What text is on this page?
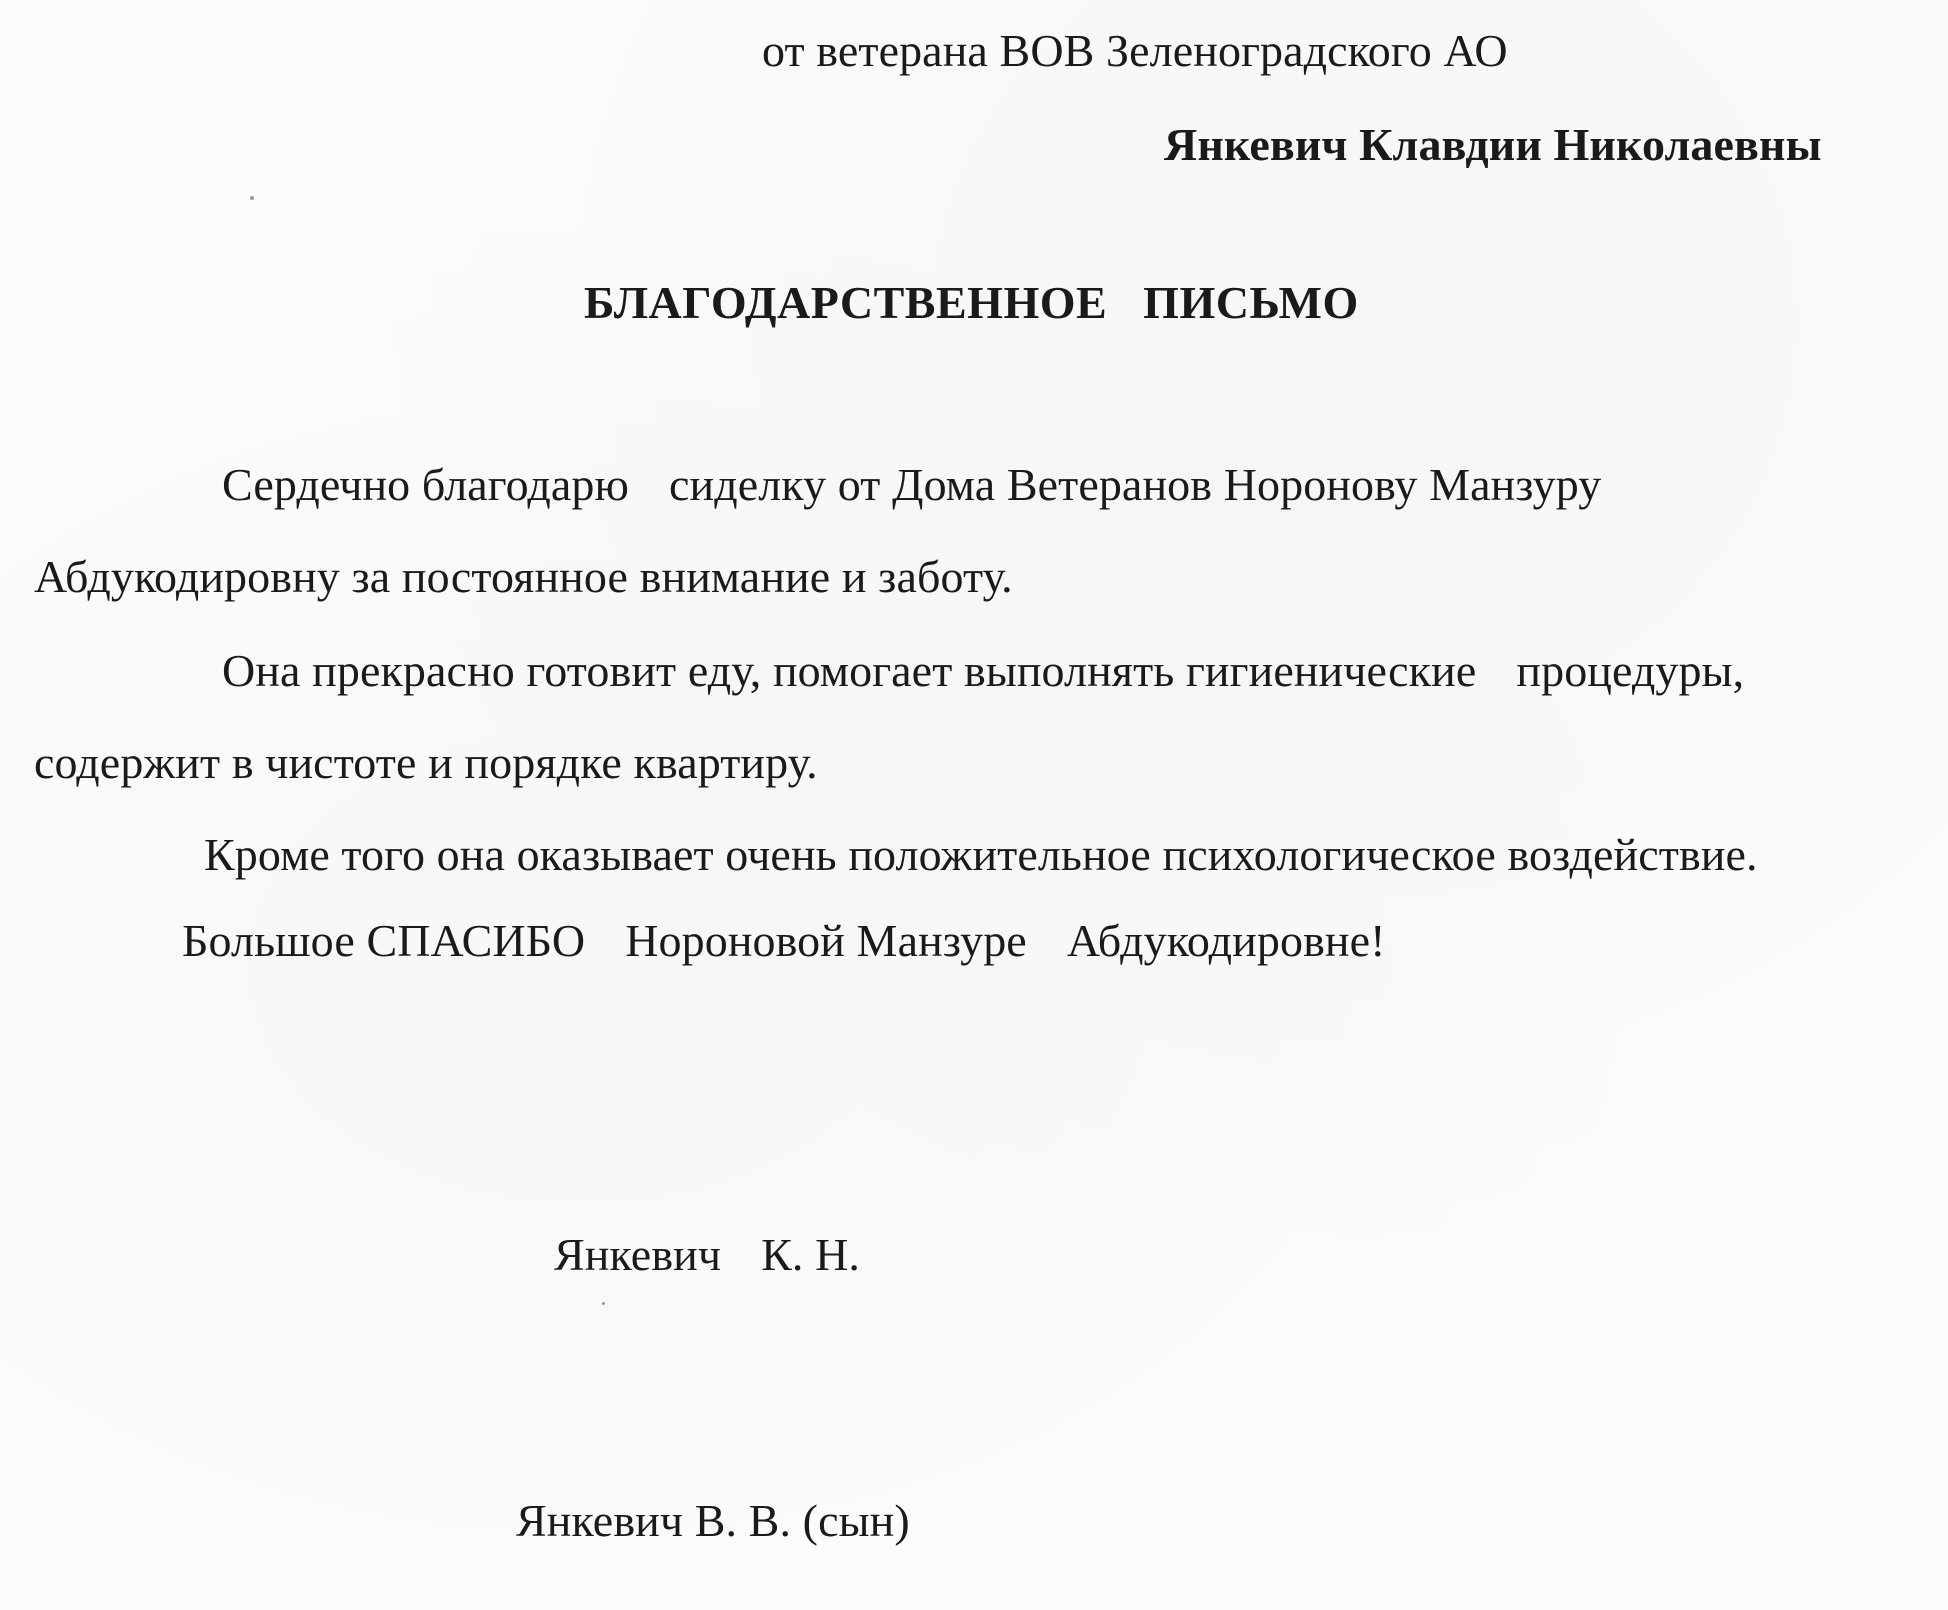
от ветерана ВОВ Зеленоградского АО
Янкевич Клавдии Николаевны
БЛАГОДАРСТВЕННОЕ ПИСЬМО
Сердечно благодарю сиделку от Дома Ветеранов Норонову Манзуру
Абдукодировну за постоянное внимание и заботу.
Она прекрасно готовит еду, помогает выполнять гигиенические процедуры,
содержит в чистоте и порядке квартиру.
Кроме того она оказывает очень положительное психологическое воздействие.
Большое СПАСИБО Нороновой Манзуре Абдукодировне!
Янкевич К. Н.
Янкевич В. В. (сын)
